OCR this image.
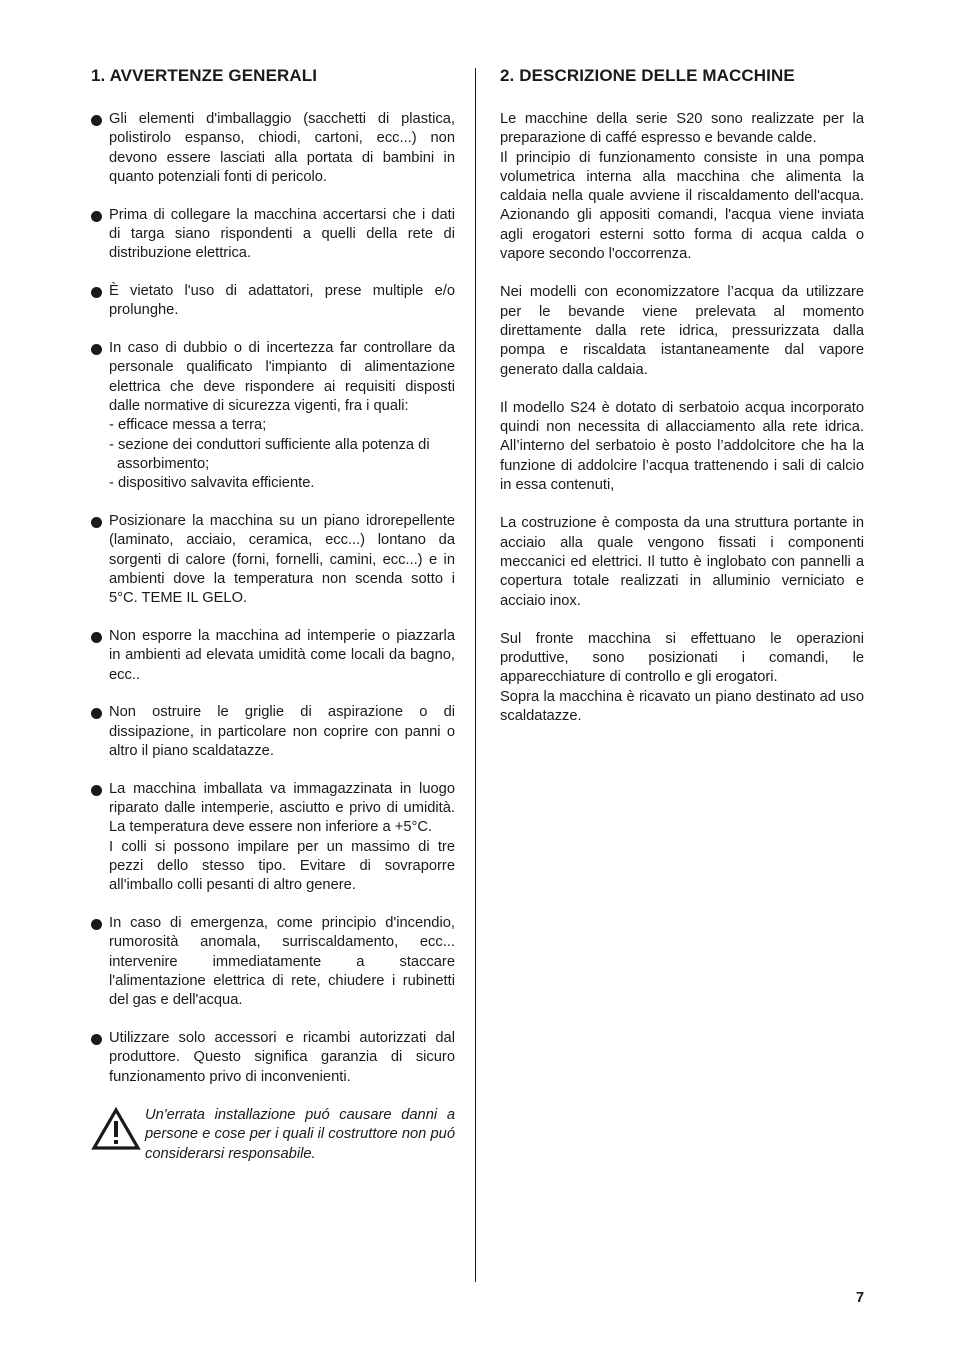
1. AVVERTENZE GENERALI

Gli elementi d'imballaggio (sacchetti di plastica, polistirolo espanso, chiodi, cartoni, ecc...) non devono essere lasciati alla portata di bambini in quanto potenziali fonti di pericolo.

Prima di collegare la macchina accertarsi che i dati di targa siano rispondenti a quelli della rete di distribuzione elettrica.

È vietato l'uso di adattatori, prese multiple e/o prolunghe.

In caso di dubbio o di incertezza far controllare da personale qualificato l'impianto di alimentazione elettrica che deve rispondere ai requisiti disposti dalle normative di sicurezza vigenti, fra i quali:

- efficace messa a terra;
- sezione dei conduttori sufficiente alla potenza di
assorbimento;
- dispositivo salvavita efficiente.

Posizionare la macchina su un piano idrorepellente (laminato, acciaio, ceramica, ecc...) lontano da sorgenti di calore (forni, fornelli, camini, ecc...) e in ambienti dove la temperatura non scenda sotto i 5°C. TEME IL GELO.

Non esporre la macchina ad intemperie o piazzarla in ambienti ad elevata umidità come locali da bagno, ecc..

Non ostruire le griglie di aspirazione o di dissipazione, in particolare non coprire con panni o altro il piano scaldatazze.

La macchina imballata va immagazzinata in luogo riparato dalle intemperie, asciutto e privo di umidità. La temperatura deve essere non inferiore a +5°C.

I colli si possono impilare per un massimo di tre pezzi dello stesso tipo. Evitare di sovraporre all'imballo colli pesanti di altro genere.

In caso di emergenza, come principio d'incendio, rumorosità anomala, surriscaldamento, ecc... intervenire immediatamente a staccare l'alimentazione elettrica di rete, chiudere i rubinetti del gas e dell'acqua.

Utilizzare solo accessori e ricambi autorizzati dal produttore. Questo significa garanzia di sicuro funzionamento privo di inconvenienti.

Un'errata installazione puó causare danni a persone e cose per i quali il costruttore non puó considerarsi responsabile.
2. DESCRIZIONE DELLE MACCHINE

Le macchine della serie S20 sono realizzate per la preparazione di caffé espresso e bevande calde.

Il principio di funzionamento consiste in una pompa volumetrica interna alla macchina che alimenta la caldaia nella quale avviene il riscaldamento dell'acqua. Azionando gli appositi comandi, l'acqua viene inviata agli erogatori esterni sotto forma di acqua calda o vapore secondo l'occorrenza.

Nei modelli con economizzatore l’acqua da utilizzare per le bevande viene prelevata al momento direttamente dalla rete idrica, pressurizzata dalla pompa e riscaldata istantaneamente dal vapore generato dalla caldaia.

Il modello S24 è dotato di serbatoio acqua incorporato quindi non necessita di allacciamento alla rete idrica. All’interno del serbatoio è posto l’addolcitore che ha la funzione di addolcire l’acqua trattenendo i sali di calcio in essa contenuti,

La costruzione è composta da una struttura portante in acciaio alla quale vengono fissati i componenti meccanici ed elettrici. Il tutto è inglobato con pannelli a copertura totale realizzati in alluminio verniciato e acciaio inox.

Sul fronte macchina si effettuano le operazioni produttive, sono posizionati i comandi, le apparecchiature di controllo e gli erogatori.

Sopra la macchina è ricavato un piano destinato ad uso scaldatazze.

7
